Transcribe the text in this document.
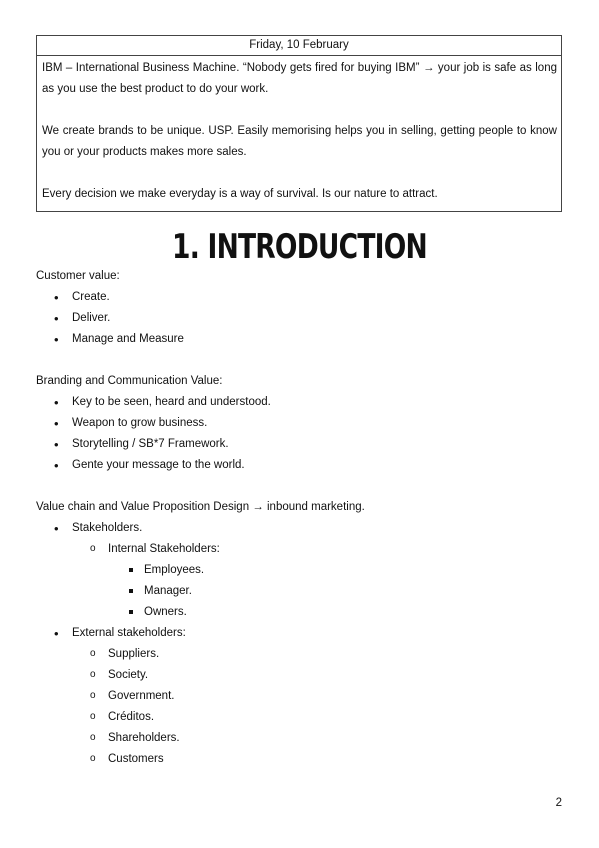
Friday, 10 February

IBM – International Business Machine. “Nobody gets fired for buying IBM” → your job is safe as long as you use the best product to do your work.

We create brands to be unique. USP. Easily memorising helps you in selling, getting people to know you or your products makes more sales.

Every decision we make everyday is a way of survival. Is our nature to attract.

1. INTRODUCTION

Customer value:

• Create.
• Deliver.
• Manage and Measure

Branding and Communication Value:

• Key to be seen, heard and understood.
• Weapon to grow business.
• Storytelling / SB*7 Framework.
• Gente your message to the world.

Value chain and Value Proposition Design → inbound marketing.

• Stakeholders.
o Internal Stakeholders:
Employees.
Manager.
Owners.
• External stakeholders:
o Suppliers.
o Society.
o Government.
o Créditos.
o Shareholders.
o Customers
2
